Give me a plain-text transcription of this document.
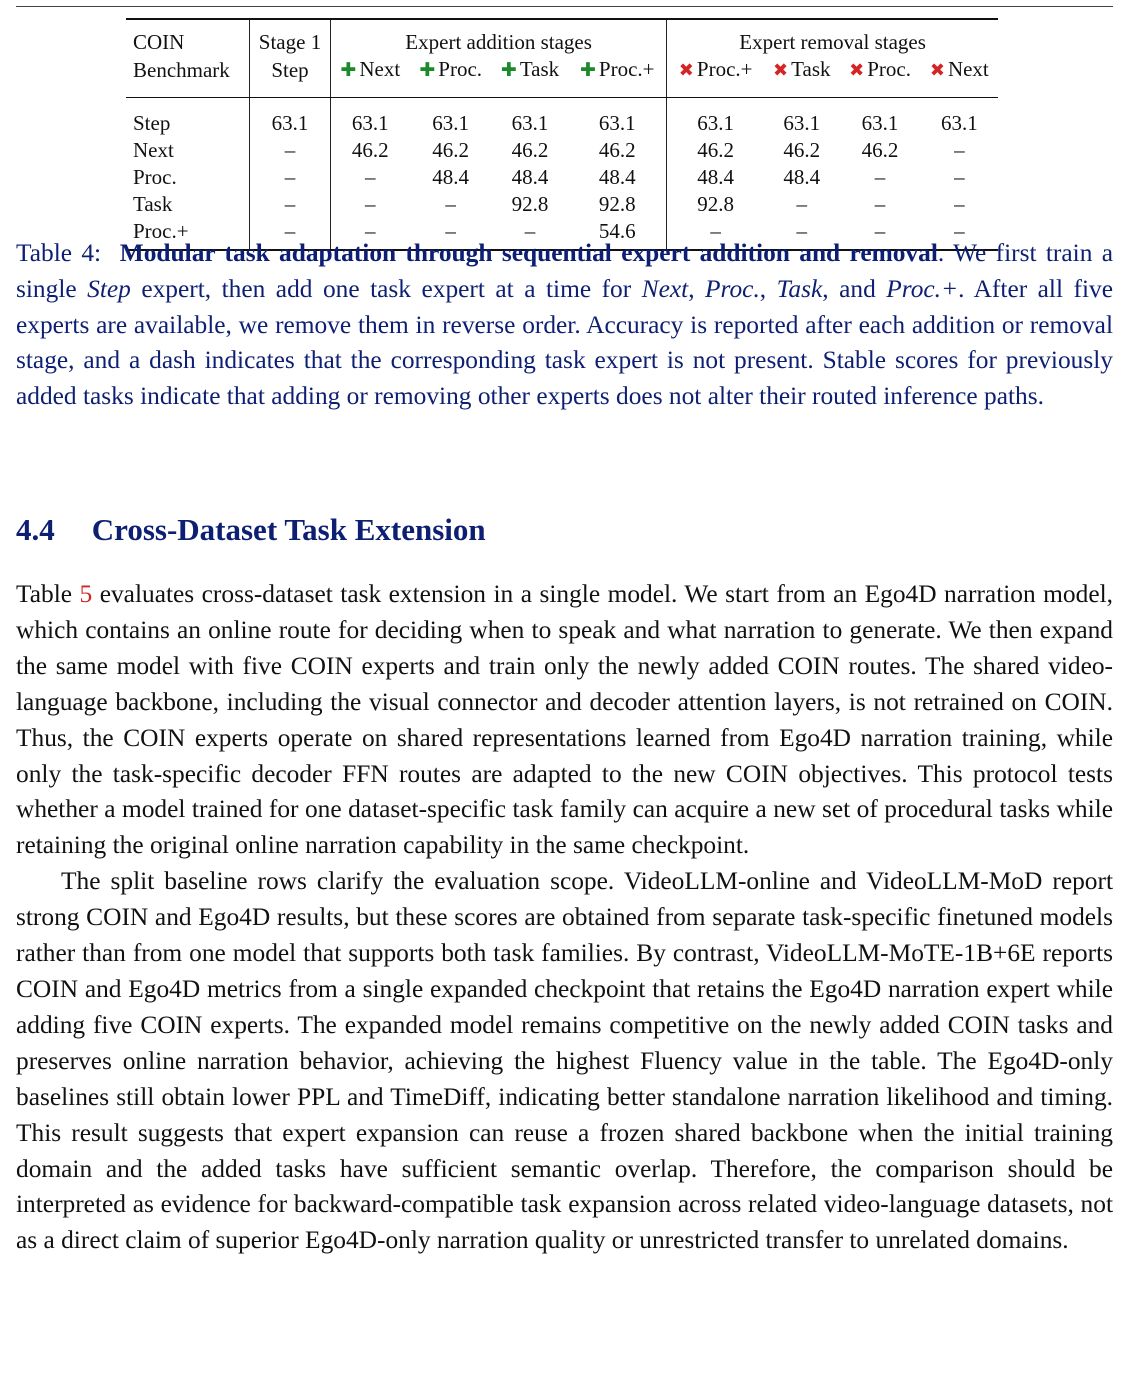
COIN	Stage 1	Expert addition stages				Expert removal stages			
Benchmark	Step	✚ Next	✚ Proc.	✚ Task	✚ Proc.+	✖ Proc.+	✖ Task	✖ Proc.	✖ Next
Step	63.1	63.1	63.1	63.1	63.1	63.1	63.1	63.1	63.1
Next	–	46.2	46.2	46.2	46.2	46.2	46.2	46.2	–
Proc.	–	–	48.4	48.4	48.4	48.4	48.4	–	–
Task	–	–	–	92.8	92.8	92.8	–	–	–
Proc.+	–	–	–	–	54.6	–	–	–	–
Table 4: Modular task adaptation through sequential expert addition and removal. We first train a single Step expert, then add one task expert at a time for Next, Proc., Task, and Proc.+. After all five experts are available, we remove them in reverse order. Accuracy is reported after each addition or removal stage, and a dash indicates that the corresponding task expert is not present. Stable scores for previously added tasks indicate that adding or removing other experts does not alter their routed inference paths.
4.4 Cross-Dataset Task Extension

Table 5 evaluates cross-dataset task extension in a single model. We start from an Ego4D narration model, which contains an online route for deciding when to speak and what narration to generate. We then expand the same model with five COIN experts and train only the newly added COIN routes. The shared video-language backbone, including the visual connector and decoder attention layers, is not retrained on COIN. Thus, the COIN experts operate on shared representations learned from Ego4D narration training, while only the task-specific decoder FFN routes are adapted to the new COIN objectives. This protocol tests whether a model trained for one dataset-specific task family can acquire a new set of procedural tasks while retaining the original online narration capability in the same checkpoint.

The split baseline rows clarify the evaluation scope. VideoLLM-online and VideoLLM-MoD report strong COIN and Ego4D results, but these scores are obtained from separate task-specific finetuned models rather than from one model that supports both task families. By contrast, VideoLLM-MoTE-1B+6E reports COIN and Ego4D metrics from a single expanded checkpoint that retains the Ego4D narration expert while adding five COIN experts. The expanded model remains competitive on the newly added COIN tasks and preserves online narration behavior, achieving the highest Fluency value in the table. The Ego4D-only baselines still obtain lower PPL and TimeDiff, indicating better standalone narration likelihood and timing. This result suggests that expert expansion can reuse a frozen shared backbone when the initial training domain and the added tasks have sufficient semantic overlap. Therefore, the comparison should be interpreted as evidence for backward-compatible task expansion across related video-language datasets, not as a direct claim of superior Ego4D-only narration quality or unrestricted transfer to unrelated domains.
